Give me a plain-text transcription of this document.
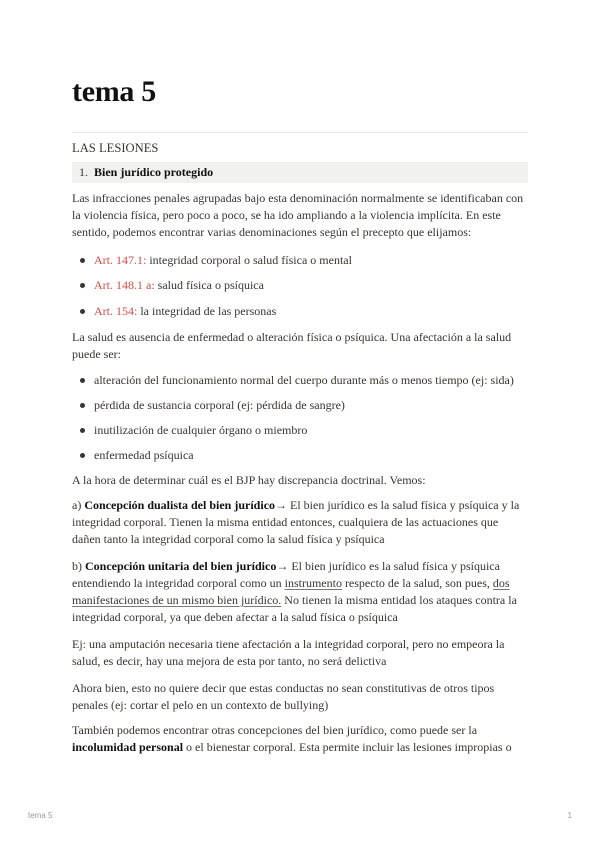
tema 5
LAS LESIONES
1. Bien jurídico protegido

Las infracciones penales agrupadas bajo esta denominación normalmente se identificaban con la violencia física, pero poco a poco, se ha ido ampliando a la violencia implícita. En este sentido, podemos encontrar varias denominaciones según el precepto que elijamos:

Art. 147.1: integridad corporal o salud física o mental
Art. 148.1 a: salud física o psíquica
Art. 154: la integridad de las personas

La salud es ausencia de enfermedad o alteración física o psíquica. Una afectación a la salud puede ser:

alteración del funcionamiento normal del cuerpo durante más o menos tiempo (ej: sida)
pérdida de sustancia corporal (ej: pérdida de sangre)
inutilización de cualquier órgano o miembro
enfermedad psíquica

A la hora de determinar cuál es el BJP hay discrepancia doctrinal. Vemos:

a) Concepción dualista del bien jurídico→ El bien jurídico es la salud física y psíquica y la integridad corporal. Tienen la misma entidad entonces, cualquiera de las actuaciones que dañen tanto la integridad corporal como la salud física y psíquica

b) Concepción unitaria del bien jurídico→ El bien jurídico es la salud física y psíquica entendiendo la integridad corporal como un instrumento respecto de la salud, son pues, dos manifestaciones de un mismo bien jurídico. No tienen la misma entidad los ataques contra la integridad corporal, ya que deben afectar a la salud física o psíquica

Ej: una amputación necesaria tiene afectación a la integridad corporal, pero no empeora la salud, es decir, hay una mejora de esta por tanto, no será delictiva

Ahora bien, esto no quiere decir que estas conductas no sean constitutivas de otros tipos penales (ej: cortar el pelo en un contexto de bullying)

También podemos encontrar otras concepciones del bien jurídico, como puede ser la incolumidad personal o el bienestar corporal. Esta permite incluir las lesiones impropias o

tema 5	1
